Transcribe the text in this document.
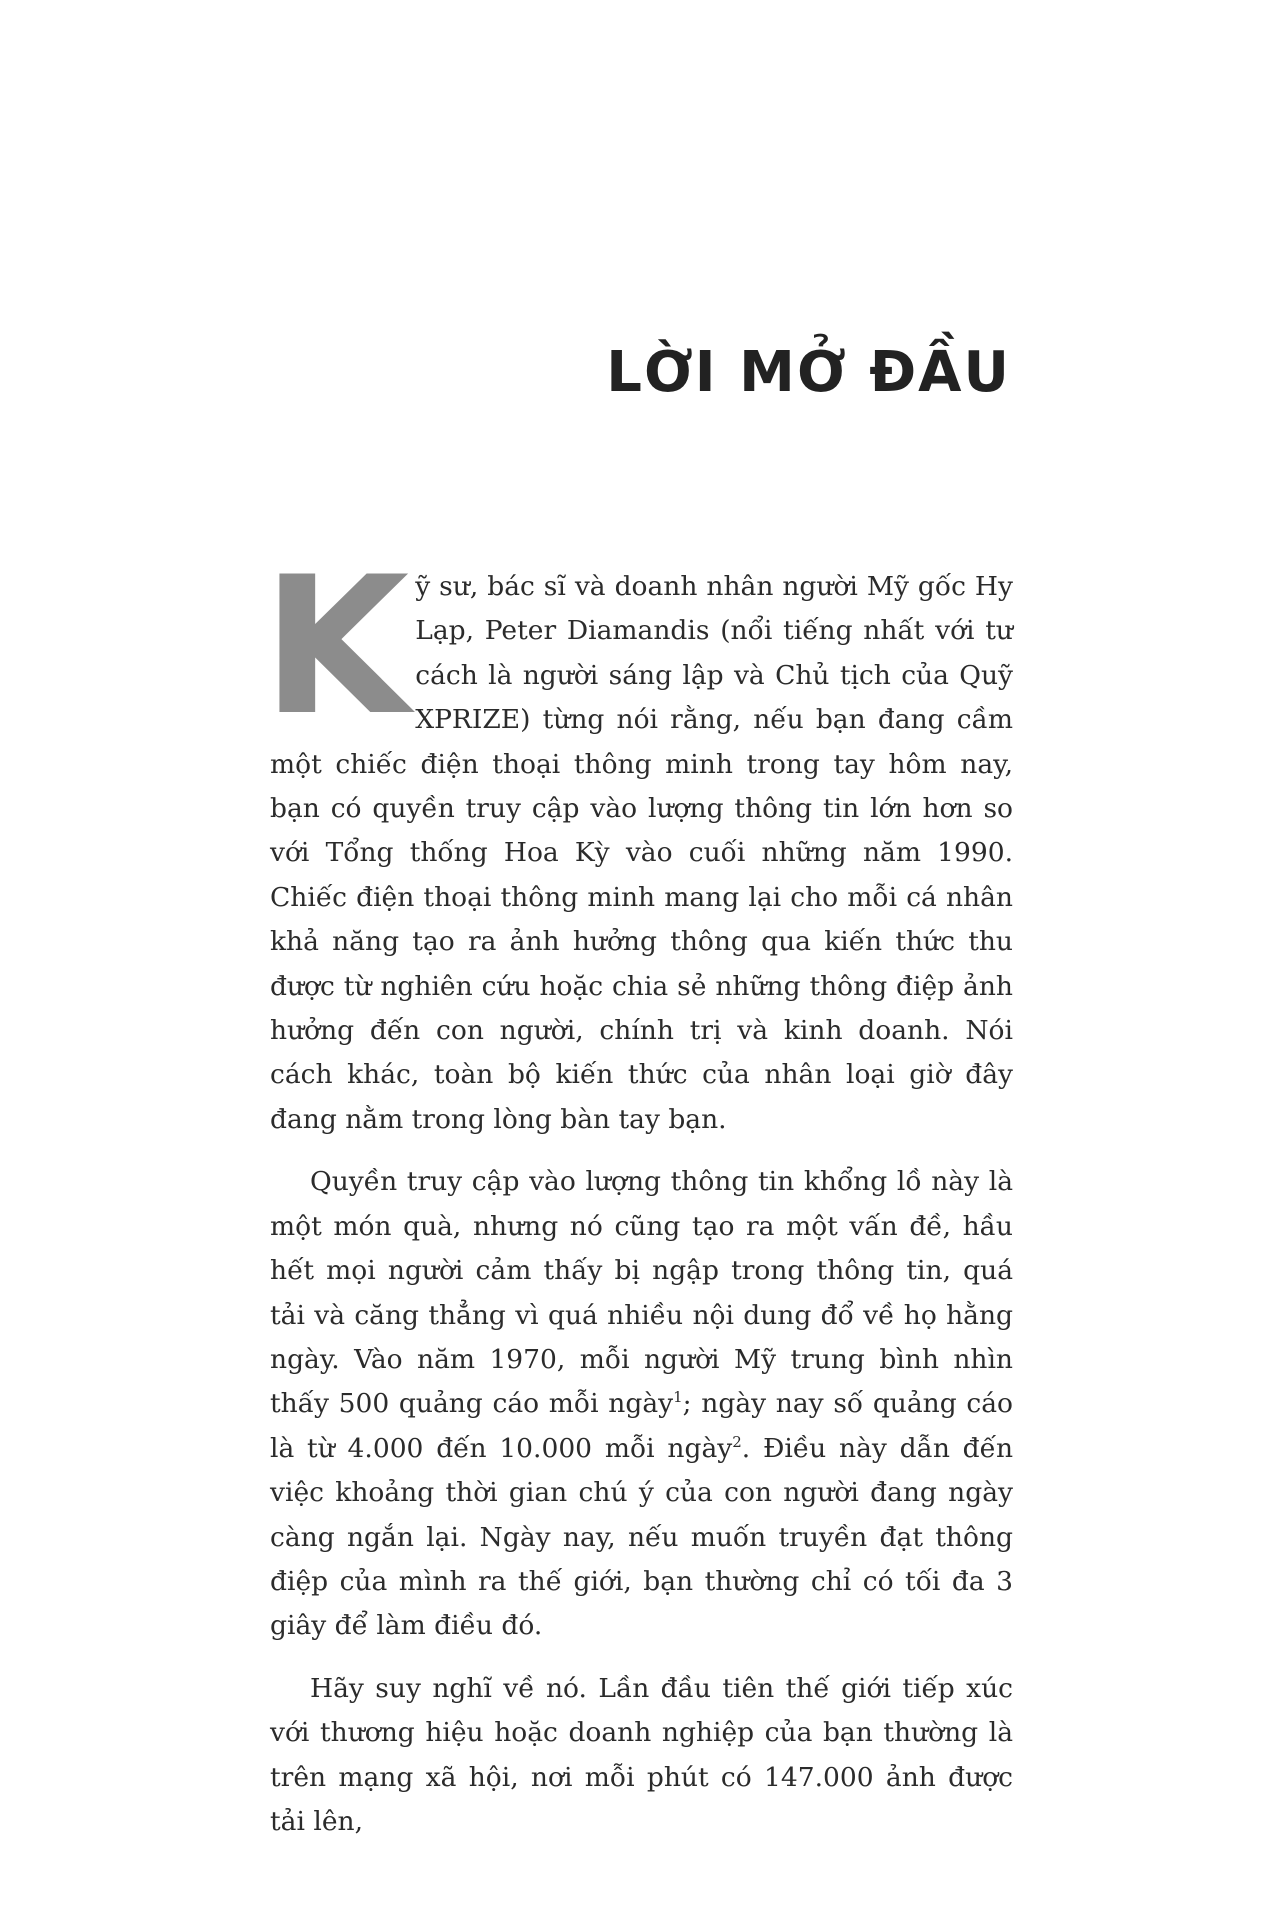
LỜI MỞ ĐẦU

Kỹ sư, bác sĩ và doanh nhân người Mỹ gốc Hy Lạp, Peter Diamandis (nổi tiếng nhất với tư cách là người sáng lập và Chủ tịch của Quỹ XPRIZE) từng nói rằng, nếu bạn đang cầm một chiếc điện thoại thông minh trong tay hôm nay, bạn có quyền truy cập vào lượng thông tin lớn hơn so với Tổng thống Hoa Kỳ vào cuối những năm 1990. Chiếc điện thoại thông minh mang lại cho mỗi cá nhân khả năng tạo ra ảnh hưởng thông qua kiến thức thu được từ nghiên cứu hoặc chia sẻ những thông điệp ảnh hưởng đến con người, chính trị và kinh doanh. Nói cách khác, toàn bộ kiến thức của nhân loại giờ đây đang nằm trong lòng bàn tay bạn.

Quyền truy cập vào lượng thông tin khổng lồ này là một món quà, nhưng nó cũng tạo ra một vấn đề, hầu hết mọi người cảm thấy bị ngập trong thông tin, quá tải và căng thẳng vì quá nhiều nội dung đổ về họ hằng ngày. Vào năm 1970, mỗi người Mỹ trung bình nhìn thấy 500 quảng cáo mỗi ngày$^1$; ngày nay số quảng cáo là từ 4.000 đến 10.000 mỗi ngày$^2$. Điều này dẫn đến việc khoảng thời gian chú ý của con người đang ngày càng ngắn lại. Ngày nay, nếu muốn truyền đạt thông điệp của mình ra thế giới, bạn thường chỉ có tối đa 3 giây để làm điều đó.

Hãy suy nghĩ về nó. Lần đầu tiên thế giới tiếp xúc với thương hiệu hoặc doanh nghiệp của bạn thường là trên mạng xã hội, nơi mỗi phút có 147.000 ảnh được tải lên,
